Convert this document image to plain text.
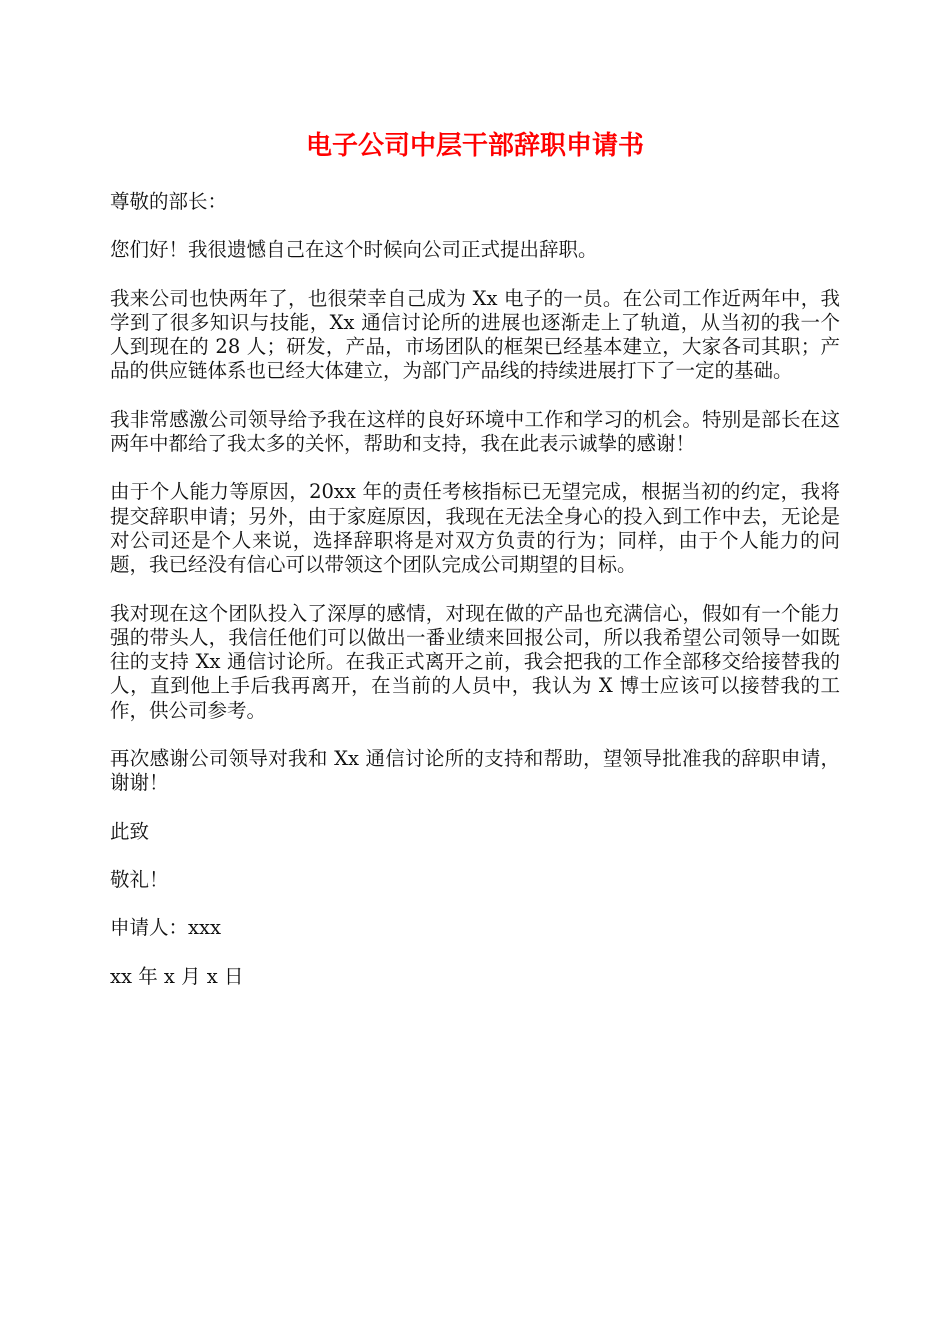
电子公司中层干部辞职申请书

尊敬的部长：

您们好！我很遗憾自己在这个时候向公司正式提出辞职。

我来公司也快两年了，也很荣幸自己成为 Xx 电子的一员。在公司工作近两年中，我学到了很多知识与技能，Xx 通信讨论所的进展也逐渐走上了轨道，从当初的我一个人到现在的 28 人；研发，产品，市场团队的框架已经基本建立，大家各司其职；产品的供应链体系也已经大体建立，为部门产品线的持续进展打下了一定的基础。

我非常感激公司领导给予我在这样的良好环境中工作和学习的机会。特别是部长在这两年中都给了我太多的关怀，帮助和支持，我在此表示诚挚的感谢！

由于个人能力等原因，20xx 年的责任考核指标已无望完成，根据当初的约定，我将提交辞职申请；另外，由于家庭原因，我现在无法全身心的投入到工作中去，无论是对公司还是个人来说，选择辞职将是对双方负责的行为；同样，由于个人能力的问题，我已经没有信心可以带领这个团队完成公司期望的目标。

我对现在这个团队投入了深厚的感情，对现在做的产品也充满信心，假如有一个能力强的带头人，我信任他们可以做出一番业绩来回报公司，所以我希望公司领导一如既往的支持 Xx 通信讨论所。在我正式离开之前，我会把我的工作全部移交给接替我的人，直到他上手后我再离开，在当前的人员中，我认为 X 博士应该可以接替我的工作，供公司参考。

再次感谢公司领导对我和 Xx 通信讨论所的支持和帮助，望领导批准我的辞职申请，谢谢！

此致

敬礼！

申请人：xxx

xx 年 x 月 x 日
